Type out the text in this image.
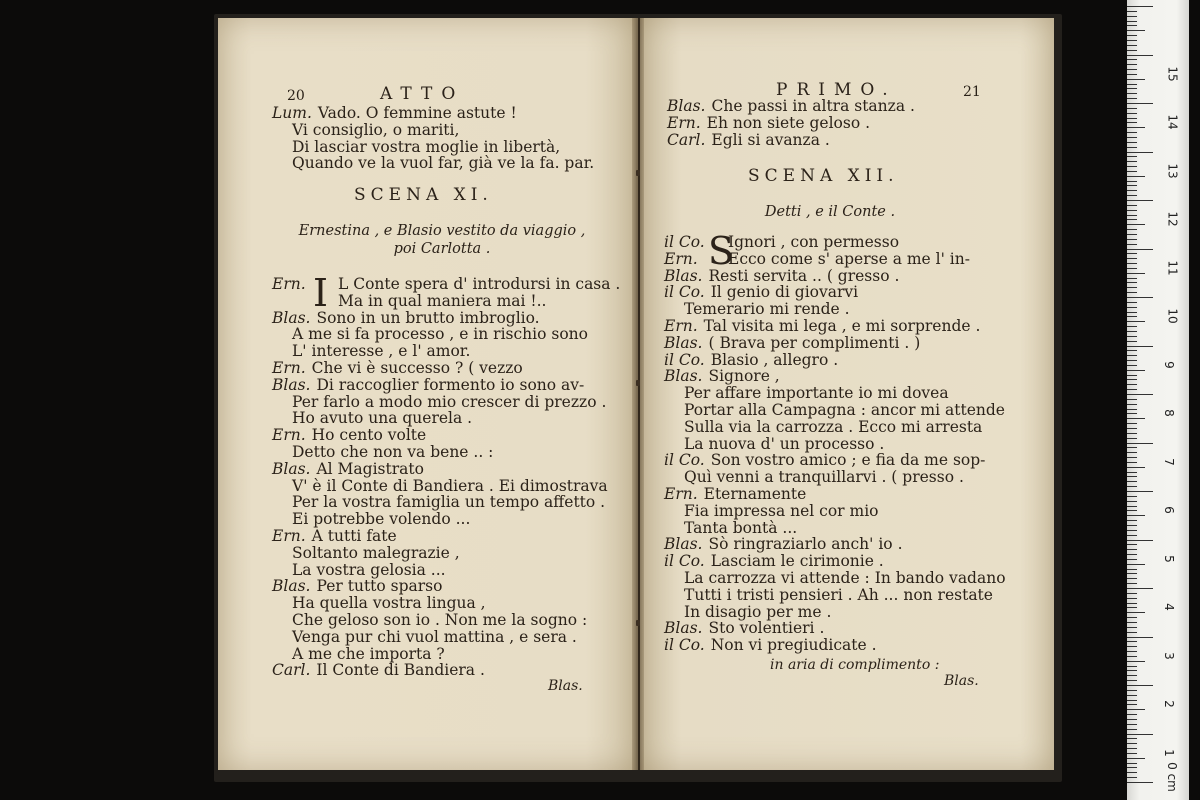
20	ATTO
Lum. Vado. O femmine astute !
Vi consiglio, o mariti,
Di lasciar vostra moglie in libertà,
Quando ve la vuol far, già ve la fa. par.
SCENA XI.
Ernestina , e Blasio vestito da viaggio ,
poi Carlotta .
I
Ern. L Conte spera d' introdursi in casa .
Ma in qual maniera mai !..
Blas. Sono in un brutto imbroglio.
A me si fa processo , e in rischio sono
L' interesse , e l' amor.
Ern. Che vi è successo ? ( vezzo
Blas. Di raccoglier formento io sono av-
Per farlo a modo mio crescer di prezzo .
Ho avuto una querela .
Ern. Ho cento volte
Detto che non va bene .. :
Blas. Al Magistrato
V' è il Conte di Bandiera . Ei dimostrava
Per la vostra famiglia un tempo affetto .
Ei potrebbe volendo ...
Ern. A tutti fate
Soltanto malegrazie ,
La vostra gelosia ...
Blas. Per tutto sparso
Ha quella vostra lingua ,
Che geloso son io . Non me la sogno :
Venga pur chi vuol mattina , e sera .
A me che importa ?
Carl. Il Conte di Bandiera .
Blas.
PRIMO.	21
Blas. Che passi in altra stanza .
Ern. Eh non siete geloso .
Carl. Egli si avanza .
SCENA XII.
Detti , e il Conte .
S
il Co. Ignori , con permesso
Ern. Ecco come s' aperse a me l' in-
Blas. Resti servita .. ( gresso .
il Co. Il genio di giovarvi
Temerario mi rende .
Ern. Tal visita mi lega , e mi sorprende .
Blas. ( Brava per complimenti . )
il Co. Blasio , allegro .
Blas. Signore ,
Per affare importante io mi dovea
Portar alla Campagna : ancor mi attende
Sulla via la carrozza . Ecco mi arresta
La nuova d' un processo .
il Co. Son vostro amico ; e fia da me sop-
Quì venni a tranquillarvi . ( presso .
Ern. Eternamente
Fia impressa nel cor mio
Tanta bontà ...
Blas. Sò ringraziarlo anch' io .
il Co. Lasciam le cirimonie .
La carrozza vi attende : In bando vadano
Tutti i tristi pensieri . Ah ... non restate
In disagio per me .
Blas. Sto volentieri .
il Co. Non vi pregiudicate .
in aria di complimento :
Blas.
15
14
13
12
11
10
9
8
7
6
5
4
3
2
1
0 cm
